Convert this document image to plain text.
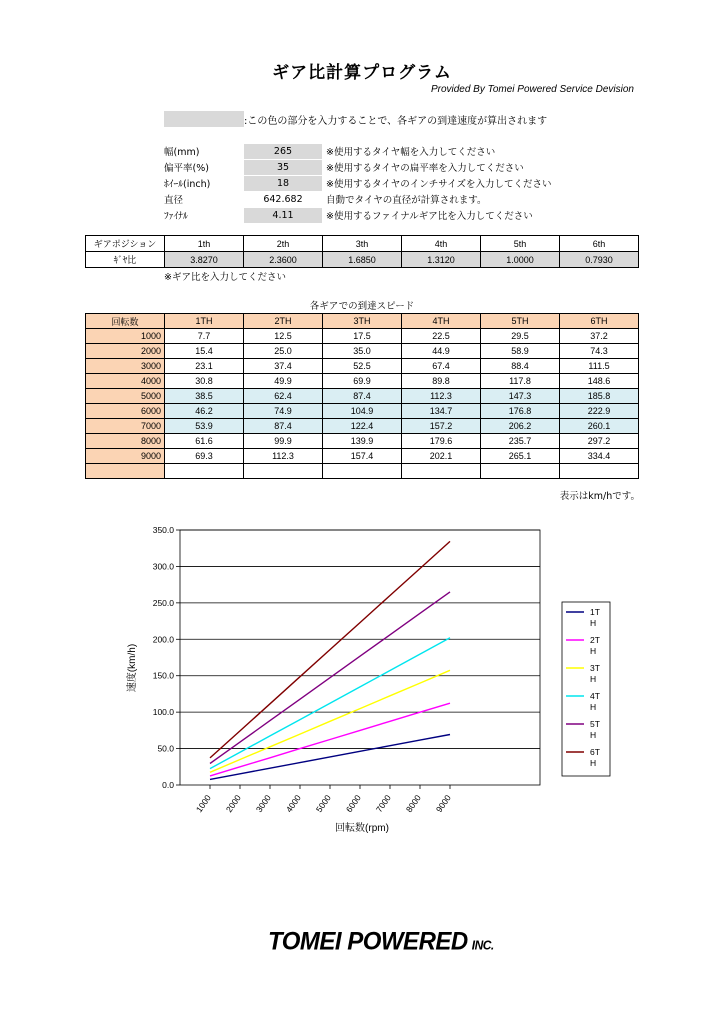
ギア比計算プログラム
Provided By Tomei Powered Service Devision
:この色の部分を入力することで、各ギアの到達速度が算出されます
幅(mm)	265	※使用するタイヤ幅を入力してください
偏平率(%)	35	※使用するタイヤの扁平率を入力してください
ﾎｲｰﾙ(inch)	18	※使用するタイヤのインチサイズを入力してください
直径	642.682	自動でタイヤの直径が計算されます。
ﾌｧｲﾅﾙ	4.11	※使用するファイナルギア比を入力してください
ギアポジション	1th	2th	3th	4th	5th	6th
ｷﾞﾔ比	3.8270	2.3600	1.6850	1.3120	1.0000	0.7930
※ギア比を入力してください
各ギアでの到達スピード
回転数	1TH	2TH	3TH	4TH	5TH	6TH
1000	7.7	12.5	17.5	22.5	29.5	37.2
2000	15.4	25.0	35.0	44.9	58.9	74.3
3000	23.1	37.4	52.5	67.4	88.4	111.5
4000	30.8	49.9	69.9	89.8	117.8	148.6
5000	38.5	62.4	87.4	112.3	147.3	185.8
6000	46.2	74.9	104.9	134.7	176.8	222.9
7000	53.9	87.4	122.4	157.2	206.2	260.1
8000	61.6	99.9	139.9	179.6	235.7	297.2
9000	69.3	112.3	157.4	202.1	265.1	334.4

表示はkm/hです。
0.0
50.0
100.0
150.0
200.0
250.0
300.0
350.0
1000 2000 3000 4000 5000 6000 7000 8000 9000
1T
H
2T
H
3T
H
4T
H
5T
H
6T
H
回転数(rpm)
速度(km/h)
TOMEI POWERED INC.
